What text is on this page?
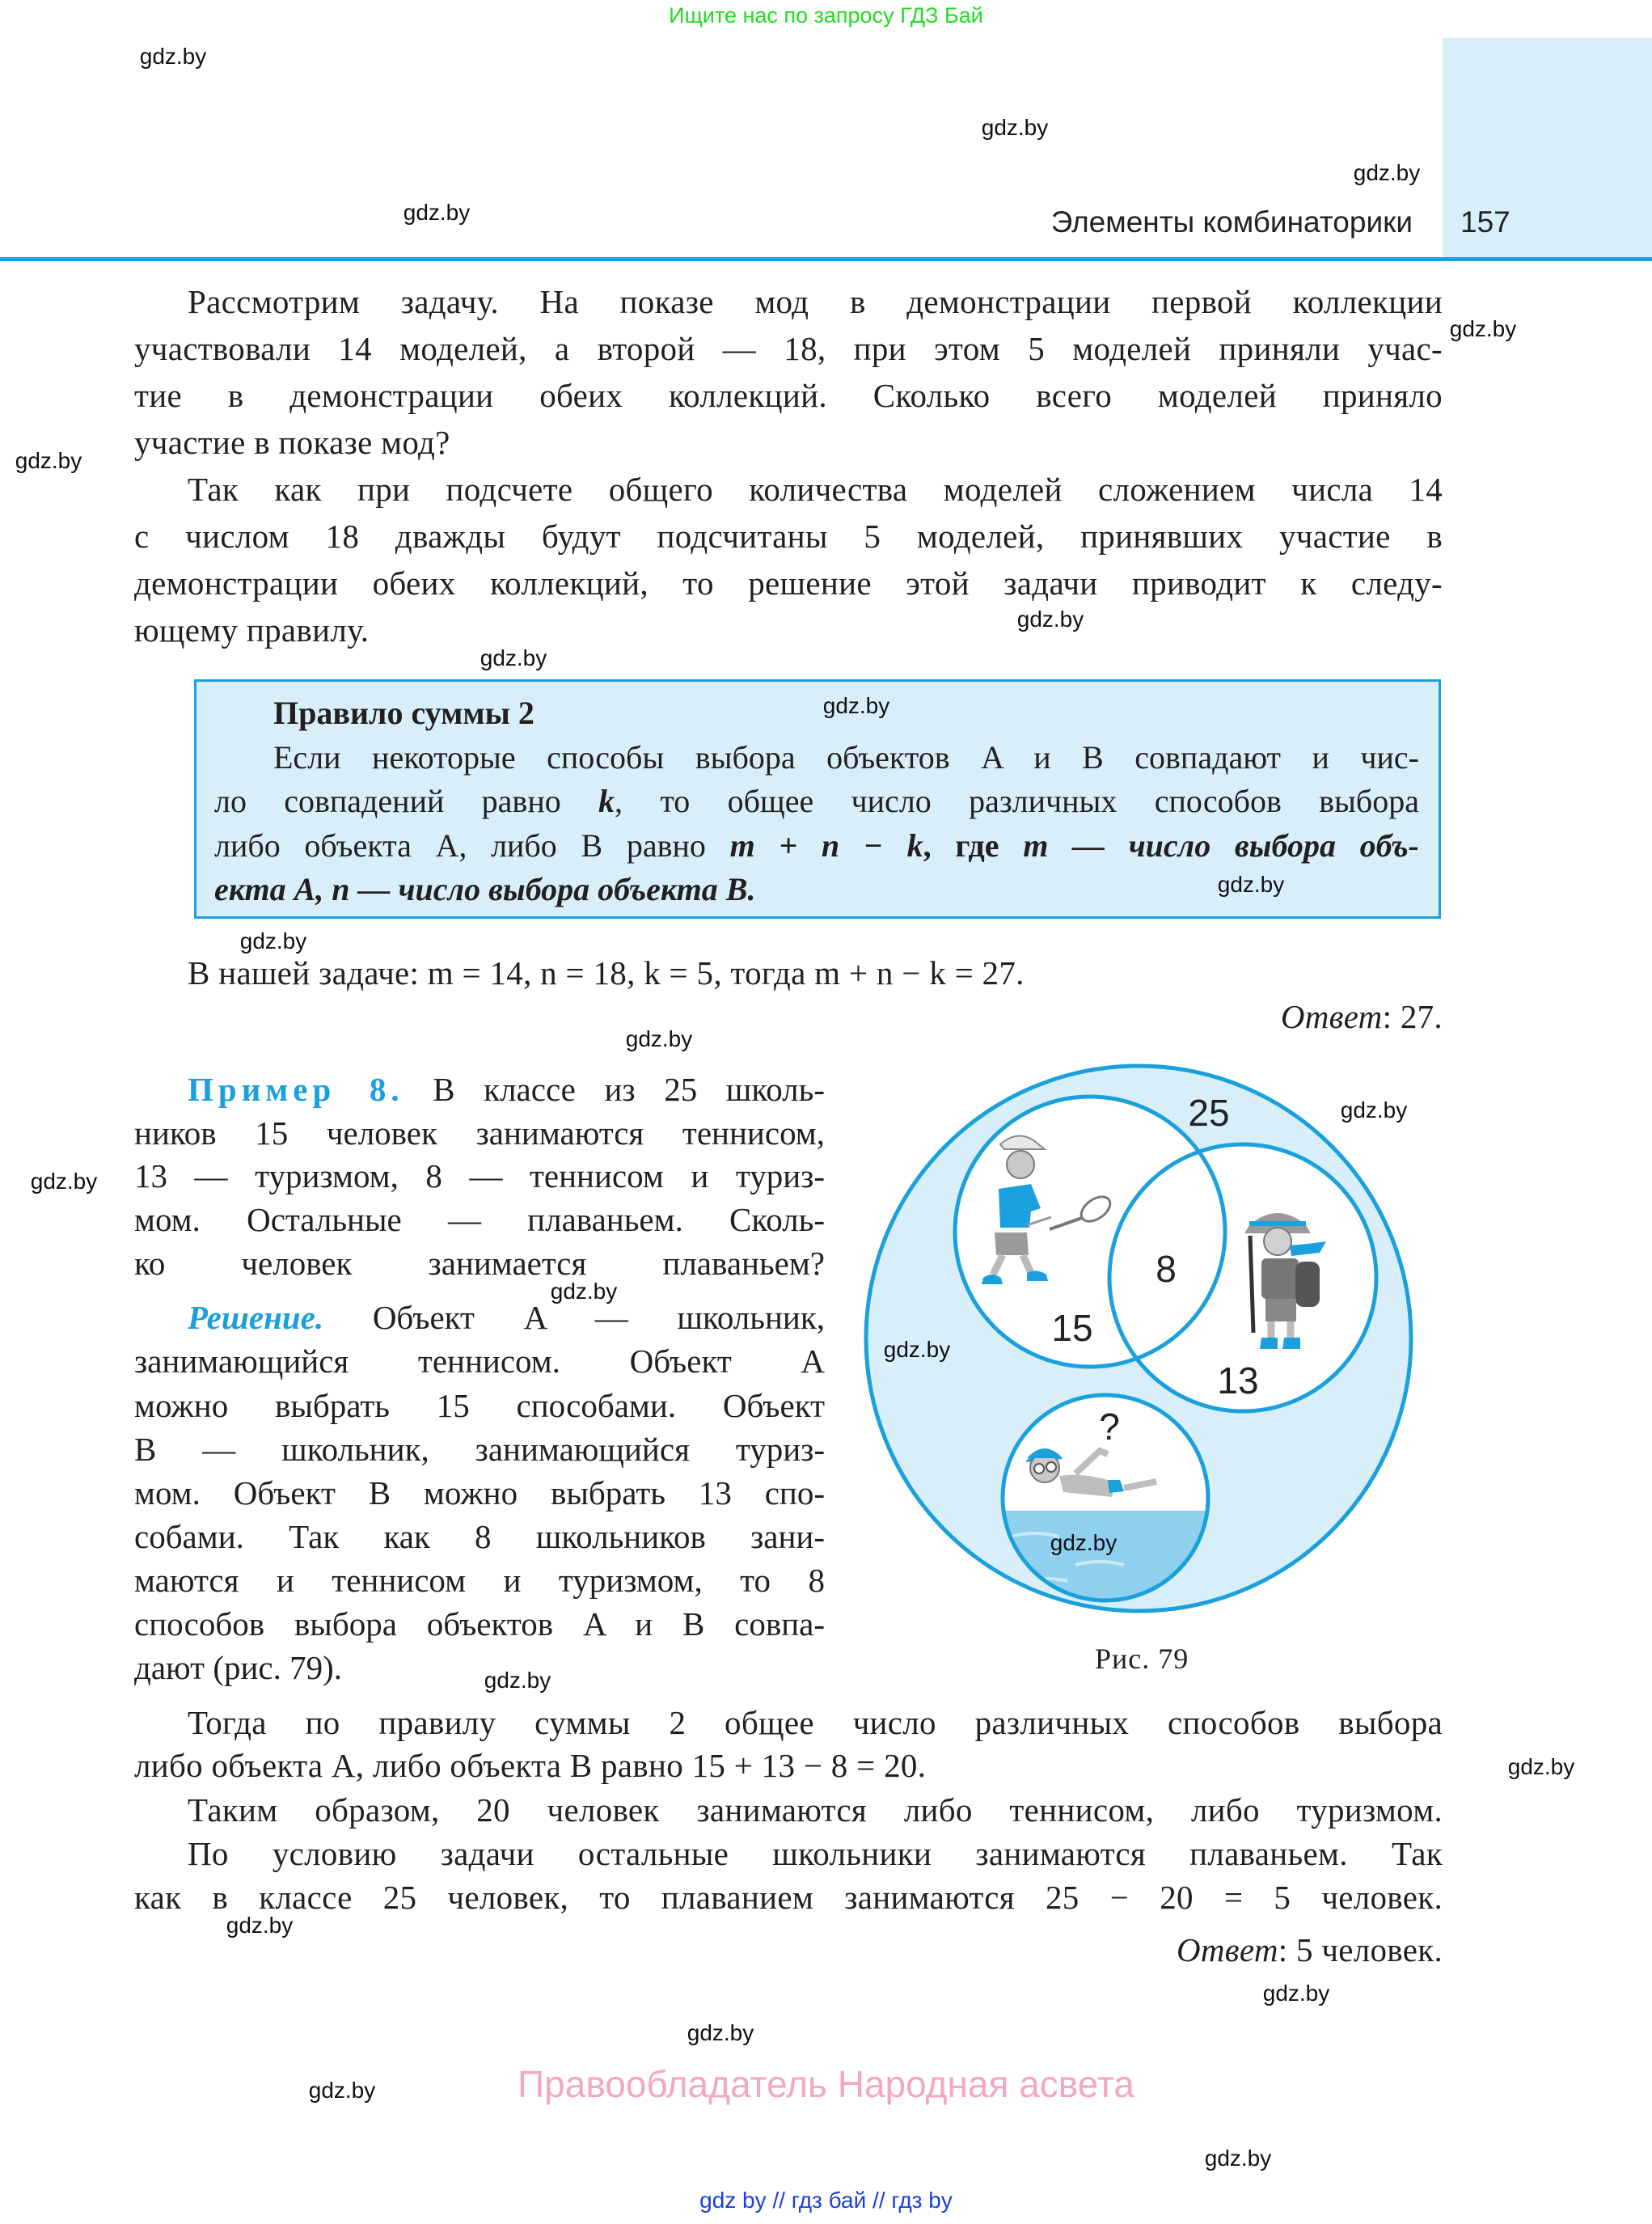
Ищите нас по запросу ГДЗ Бай
Элементы комбинаторики 157
Рассмотрим задачу. На показе мод в демонстрации первой коллекции
участвовали 14 моделей, а второй — 18, при этом 5 моделей приняли учас-
тие в демонстрации обеих коллекций. Сколько всего моделей приняло
участие в показе мод?
Так как при подсчете общего количества моделей сложением числа 14
с числом 18 дважды будут подсчитаны 5 моделей, принявших участие в
демонстрации обеих коллекций, то решение этой задачи приводит к следу-
ющему правилу.
Правило суммы 2
Если некоторые способы выбора объектов A и B совпадают и чис-
ло совпадений равно k, то общее число различных способов выбора
либо объекта A, либо B равно m + n − k, где m — число выбора объ-
екта A, n — число выбора объекта B.
В нашей задаче: m = 14, n = 18, k = 5, тогда m + n − k = 27.
Ответ: 27.
Пример 8. В классе из 25 школь-
ников 15 человек занимаются теннисом,
13 — туризмом, 8 — теннисом и туриз-
мом. Остальные — плаваньем. Сколь-
ко человек занимается плаваньем?
Решение. Объект A — школьник,
занимающийся теннисом. Объект A
можно выбрать 15 способами. Объект
B — школьник, занимающийся туриз-
мом. Объект B можно выбрать 13 спо-
собами. Так как 8 школьников зани-
маются и теннисом и туризмом, то 8
способов выбора объектов A и B совпа-
дают (рис. 79).
25
8
15
13
?
Рис. 79
Тогда по правилу суммы 2 общее число различных способов выбора
либо объекта A, либо объекта B равно 15 + 13 − 8 = 20.
Таким образом, 20 человек занимаются либо теннисом, либо туризмом.
По условию задачи остальные школьники занимаются плаваньем. Так
как в классе 25 человек, то плаванием занимаются 25 − 20 = 5 человек.
Ответ: 5 человек.
Правообладатель Народная асвета
gdz by // гдз бай // гдз by
gdz.by
gdz.by
gdz.by
gdz.by
gdz.by
gdz.by
gdz.by
gdz.by
gdz.by
gdz.by
gdz.by
gdz.by
gdz.by
gdz.by
gdz.by
gdz.by
gdz.by
gdz.by
gdz.by
gdz.by
gdz.by
gdz.by
gdz.by
gdz.by
